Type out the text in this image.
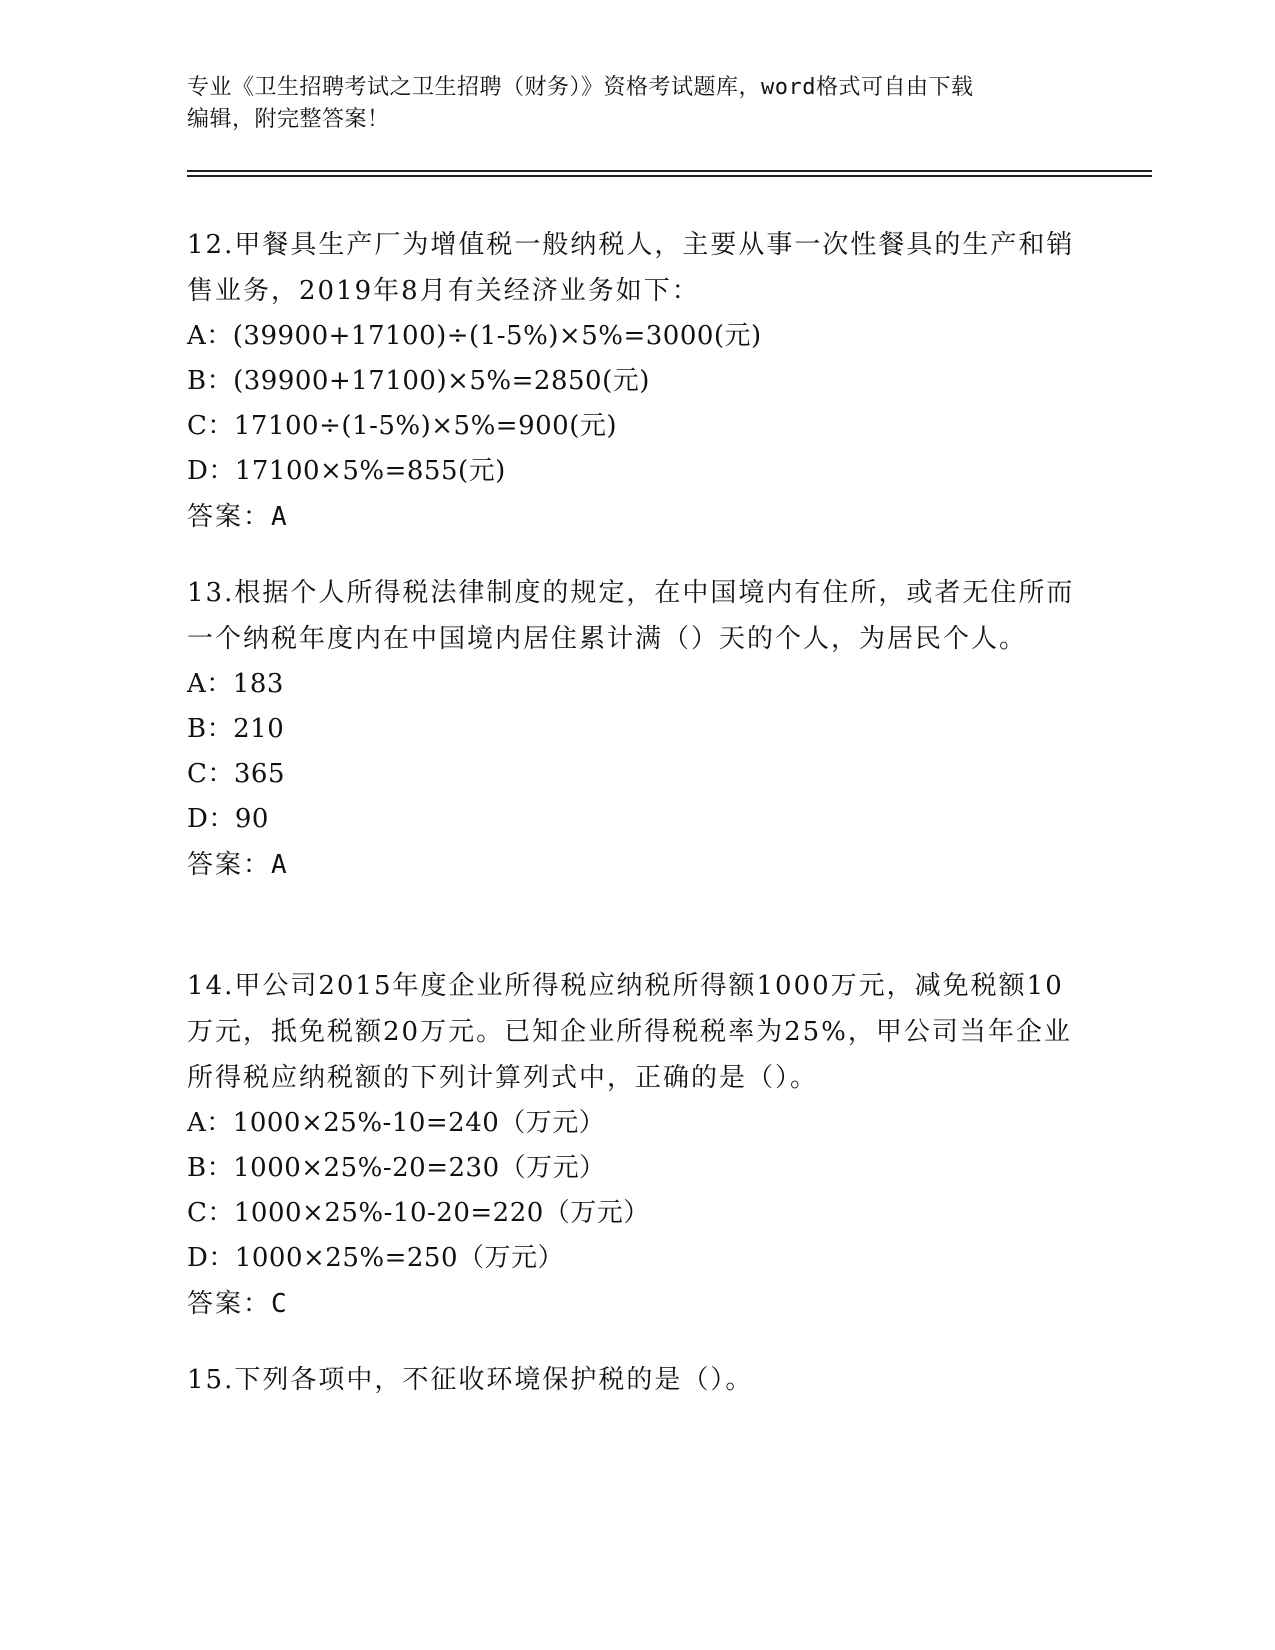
专业《卫生招聘考试之卫生招聘（财务）》资格考试题库，word格式可自由下载

编辑，附完整答案！

12.甲餐具生产厂为增值税一般纳税人，主要从事一次性餐具的生产和销售业务，2019年8月有关经济业务如下：
A：(39900+17100)÷(1-5%)×5%=3000(元)
B：(39900+17100)×5%=2850(元)
C：17100÷(1-5%)×5%=900(元)
D：17100×5%=855(元)
答案：A
13.根据个人所得税法律制度的规定，在中国境内有住所，或者无住所而一个纳税年度内在中国境内居住累计满（）天的个人，为居民个人。
A：183
B：210
C：365
D：90
答案：A
14.甲公司2015年度企业所得税应纳税所得额1000万元，减免税额10万元，抵免税额20万元。已知企业所得税税率为25%，甲公司当年企业所得税应纳税额的下列计算列式中，正确的是（）。
A：1000×25%-10=240（万元）
B：1000×25%-20=230（万元）
C：1000×25%-10-20=220（万元）
D：1000×25%=250（万元）
答案：C
15.下列各项中，不征收环境保护税的是（）。
